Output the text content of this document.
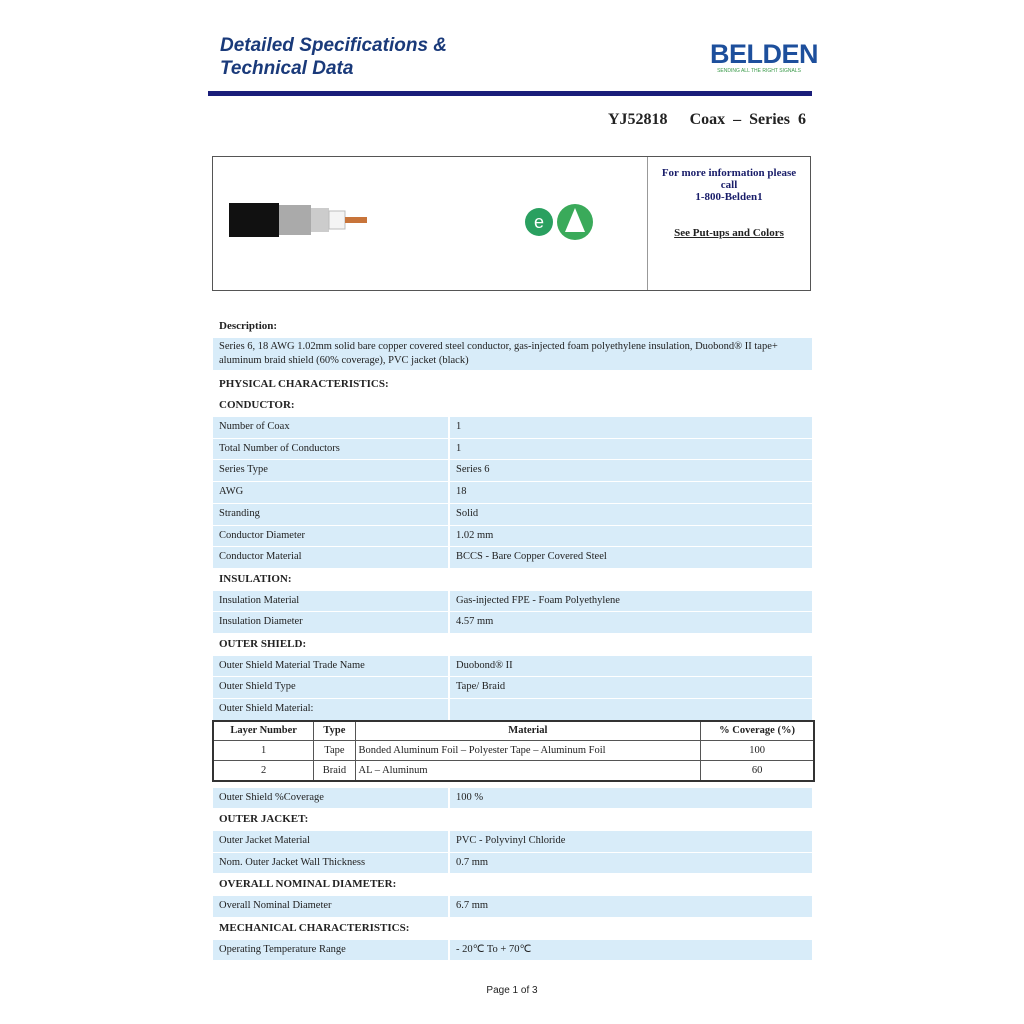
Detailed Specifications &
Technical Data	BELDEN
SENDING ALL THE RIGHT SIGNALS
YJ52818 Coax – Series 6
e
For more information please
call
1-800-Belden1
See Put-ups and Colors
Description:
Series 6, 18 AWG 1.02mm solid bare copper covered steel conductor, gas-injected foam polyethylene insulation, Duobond® II tape+ aluminum braid shield (60% coverage), PVC jacket (black)
PHYSICAL CHARACTERISTICS:
CONDUCTOR:
Number of Coax	1
Total Number of Conductors	1
Series Type	Series 6
AWG	18
Stranding	Solid
Conductor Diameter	1.02 mm
Conductor Material	BCCS - Bare Copper Covered Steel
INSULATION:
Insulation Material	Gas-injected FPE - Foam Polyethylene
Insulation Diameter	4.57 mm
OUTER SHIELD:
Outer Shield Material Trade Name	Duobond® II
Outer Shield Type	Tape/ Braid
Outer Shield Material:
Layer Number	Type	Material	% Coverage (%)
1	Tape	Bonded Aluminum Foil – Polyester Tape – Aluminum Foil	100
2	Braid	AL – Aluminum	60
Outer Shield %Coverage	100 %
OUTER JACKET:
Outer Jacket Material	PVC - Polyvinyl Chloride
Nom. Outer Jacket Wall Thickness	0.7 mm
OVERALL NOMINAL DIAMETER:
Overall Nominal Diameter	6.7 mm
MECHANICAL CHARACTERISTICS:
Operating Temperature Range	- 20℃ To + 70℃
Page 1 of 3
